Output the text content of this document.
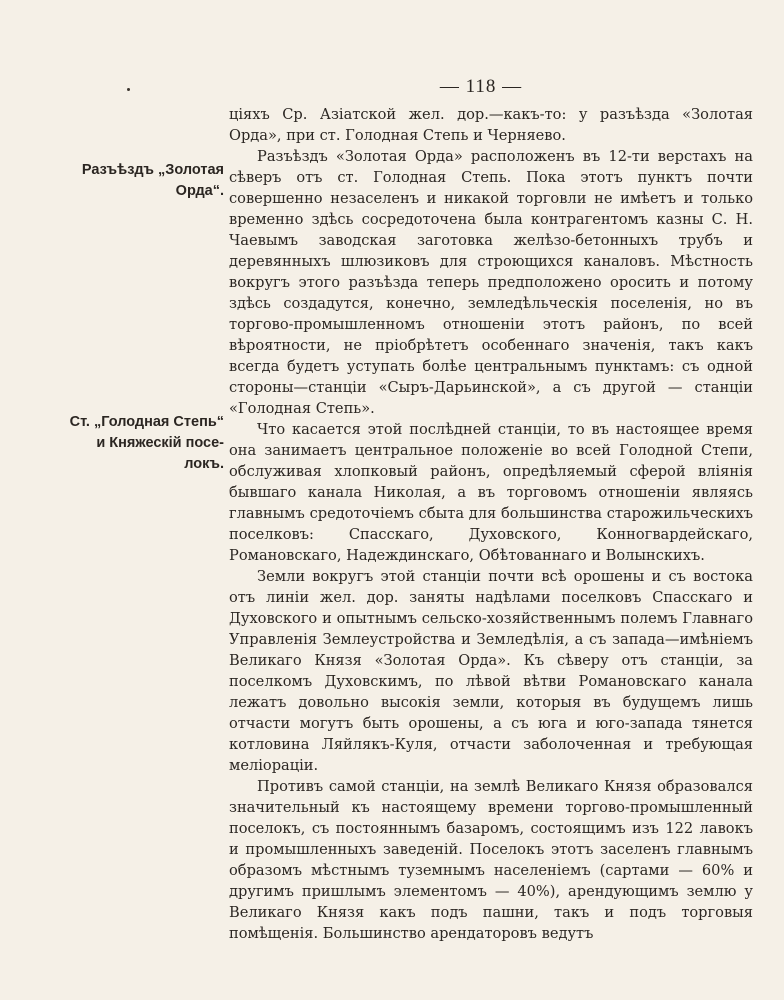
— 118 —
Разъѣздъ „Золотая
Орда“.
Ст. „Голодная Степь“
и Княжескій посе-
локъ.

ціяхъ Ср. Азіатской жел. дор.—какъ-то: у разъѣзда «Золотая Орда», при ст. Голодная Степь и Черняево.

Разъѣздъ «Золотая Орда» расположенъ въ 12-ти верстахъ на сѣверъ отъ ст. Голодная Степь. Пока этотъ пунктъ почти совершенно незаселенъ и никакой торговли не имѣетъ и только временно здѣсь сосредоточена была контрагентомъ казны С. Н. Чаевымъ заводская заготовка желѣзо-бетонныхъ трубъ и деревянныхъ шлюзиковъ для строющихся каналовъ. Мѣстность вокругъ этого разъѣзда теперь предположено оросить и потому здѣсь создадутся, конечно, земледѣльческія поселенія, но въ торгово-промышленномъ отношеніи этотъ районъ, по всей вѣроятности, не пріобрѣтетъ особеннаго значенія, такъ какъ всегда будетъ уступать болѣе центральнымъ пунктамъ: съ одной стороны—станціи «Сыръ-Дарьинской», а съ другой — станціи «Голодная Степь».

Что касается этой послѣдней станціи, то въ настоящее время она занимаетъ центральное положеніе во всей Голодной Степи, обслуживая хлопковый районъ, опредѣляемый сферой вліянія бывшаго канала Николая, а въ торговомъ отношеніи являясь главнымъ средоточіемъ сбыта для большинства старожильческихъ поселковъ: Спасскаго, Духовского, Конногвардейскаго, Романовскаго, Надеждинскаго, Обѣтованнаго и Волынскихъ.

Земли вокругъ этой станціи почти всѣ орошены и съ востока отъ линіи жел. дор. заняты надѣлами поселковъ Спасскаго и Духовского и опытнымъ сельско-хозяйственнымъ полемъ Главнаго Управленія Землеустройства и Земледѣлія, а съ запада—имѣніемъ Великаго Князя «Золотая Орда». Къ сѣверу отъ станціи, за поселкомъ Духовскимъ, по лѣвой вѣтви Романовскаго канала лежатъ довольно высокія земли, которыя въ будущемъ лишь отчасти могутъ быть орошены, а съ юга и юго-запада тянется котловина Ляйлякъ-Куля, отчасти заболоченная и требующая меліораціи.

Противъ самой станціи, на землѣ Великаго Князя образовался значительный къ настоящему времени торгово-промышленный поселокъ, съ постояннымъ базаромъ, состоящимъ изъ 122 лавокъ и промышленныхъ заведеній. Поселокъ этотъ заселенъ главнымъ образомъ мѣстнымъ туземнымъ населеніемъ (сартами — 60% и другимъ пришлымъ элементомъ — 40%), арендующимъ землю у Великаго Князя какъ подъ пашни, такъ и подъ торговыя помѣщенія. Большинство арендаторовъ ведутъ
